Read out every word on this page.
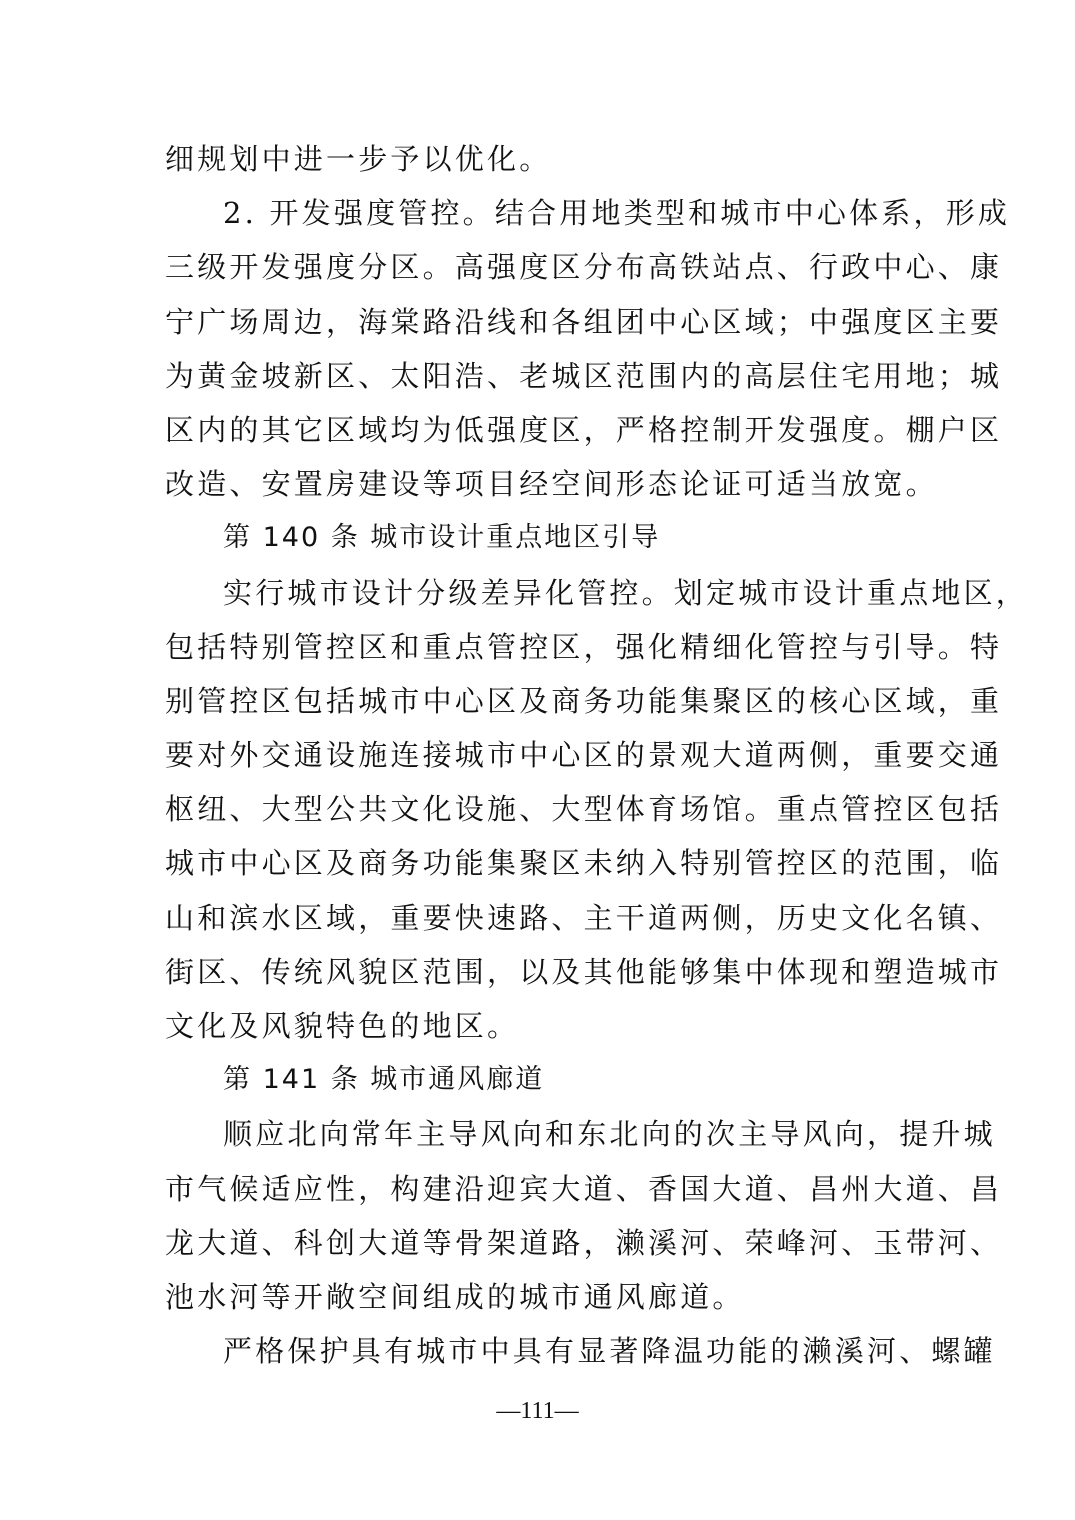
细规划中进一步予以优化。
2. 开发强度管控。结合用地类型和城市中心体系，形成
三级开发强度分区。高强度区分布高铁站点、行政中心、康
宁广场周边，海棠路沿线和各组团中心区域；中强度区主要
为黄金坡新区、太阳浩、老城区范围内的高层住宅用地；城
区内的其它区域均为低强度区，严格控制开发强度。棚户区
改造、安置房建设等项目经空间形态论证可适当放宽。
第 140 条 城市设计重点地区引导
实行城市设计分级差异化管控。划定城市设计重点地区，
包括特别管控区和重点管控区，强化精细化管控与引导。特
别管控区包括城市中心区及商务功能集聚区的核心区域，重
要对外交通设施连接城市中心区的景观大道两侧，重要交通
枢纽、大型公共文化设施、大型体育场馆。重点管控区包括
城市中心区及商务功能集聚区未纳入特别管控区的范围，临
山和滨水区域，重要快速路、主干道两侧，历史文化名镇、
街区、传统风貌区范围，以及其他能够集中体现和塑造城市
文化及风貌特色的地区。
第 141 条 城市通风廊道
顺应北向常年主导风向和东北向的次主导风向，提升城
市气候适应性，构建沿迎宾大道、香国大道、昌州大道、昌
龙大道、科创大道等骨架道路，濑溪河、荣峰河、玉带河、
池水河等开敞空间组成的城市通风廊道。
严格保护具有城市中具有显著降温功能的濑溪河、螺罐
—111—
